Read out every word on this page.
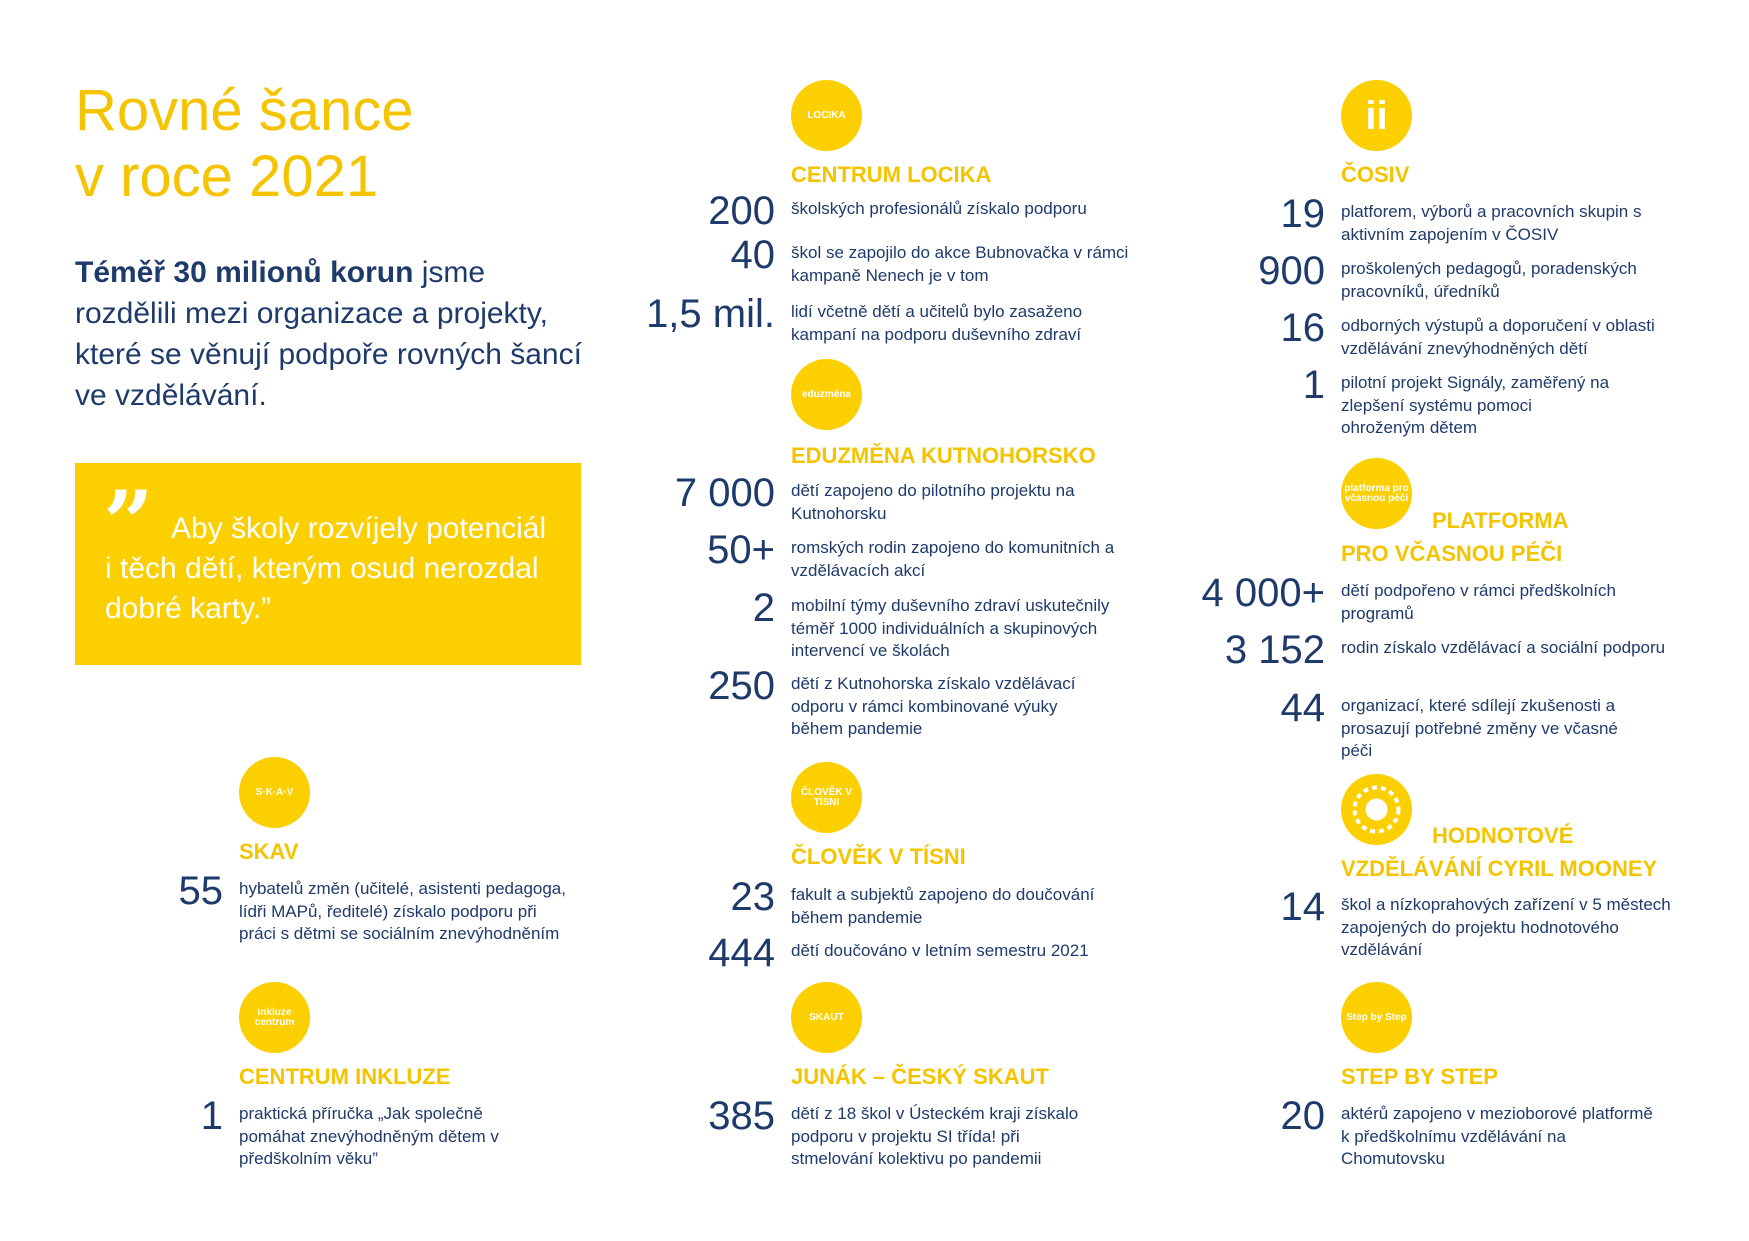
Rovné šance
v roce 2021

Téměř 30 milionů korun jsme rozdělili mezi organizace a projekty, které se věnují podpoře rovných šancí ve vzdělávání.

” Aby školy rozvíjely potenciál i těch dětí, kterým osud nerozdal dobré karty.”

S·K·A·V
SKAV
55 hybatelů změn (učitelé, asistenti pedagoga, lídři MAPů, ředitelé) získalo podporu při práci s dětmi se sociálním znevýhodněním
inkluze centrum
CENTRUM INKLUZE
1 praktická příručka „Jak společně pomáhat znevýhodněným dětem v předškolním věku”
LOCIKA
CENTRUM LOCIKA
200 školských profesionálů získalo podporu
40 škol se zapojilo do akce Bubnovačka v rámci kampaně Nenech je v tom
1,5 mil. lidí včetně dětí a učitelů bylo zasaženo kampaní na podporu duševního zdraví
eduzměna
EDUZMĚNA KUTNOHORSKO
7 000 dětí zapojeno do pilotního projektu na Kutnohorsku
50+ romských rodin zapojeno do komunitních a vzdělávacích akcí
2 mobilní týmy duševního zdraví uskutečnily téměř 1000 individuálních a skupinových intervencí ve školách
250 dětí z Kutnohorska získalo vzdělávací odporu v rámci kombinované výuky během pandemie
ČLOVĚK V TÍSNI
ČLOVĚK V TÍSNI
23 fakult a subjektů zapojeno do doučování během pandemie
444 dětí doučováno v letním semestru 2021
SKAUT
JUNÁK – ČESKÝ SKAUT
385 dětí z 18 škol v Ústeckém kraji získalo podporu v projektu SI třída! při stmelování kolektivu po pandemii
ii
ČOSIV
19 platforem, výborů a pracovních skupin s aktivním zapojením v ČOSIV
900 proškolených pedagogů, poradenských pracovníků, úředníků
16 odborných výstupů a doporučení v oblasti vzdělávání znevýhodněných dětí
1 pilotní projekt Signály, zaměřený na zlepšení systému pomoci ohroženým dětem
platforma pro včasnou péči
PLATFORMA
PRO VČASNOU PÉČI
4 000+ dětí podpořeno v rámci předškolních programů
3 152 rodin získalo vzdělávací a sociální podporu
44 organizací, které sdílejí zkušenosti a prosazují potřebné změny ve včasné péči
HODNOTOVÉ
VZDĚLÁVÁNÍ CYRIL MOONEY
14 škol a nízkoprahových zařízení v 5 městech zapojených do projektu hodnotového vzdělávání
Step by Step
STEP BY STEP
20 aktérů zapojeno v mezioborové platformě k předškolnímu vzdělávání na Chomutovsku
